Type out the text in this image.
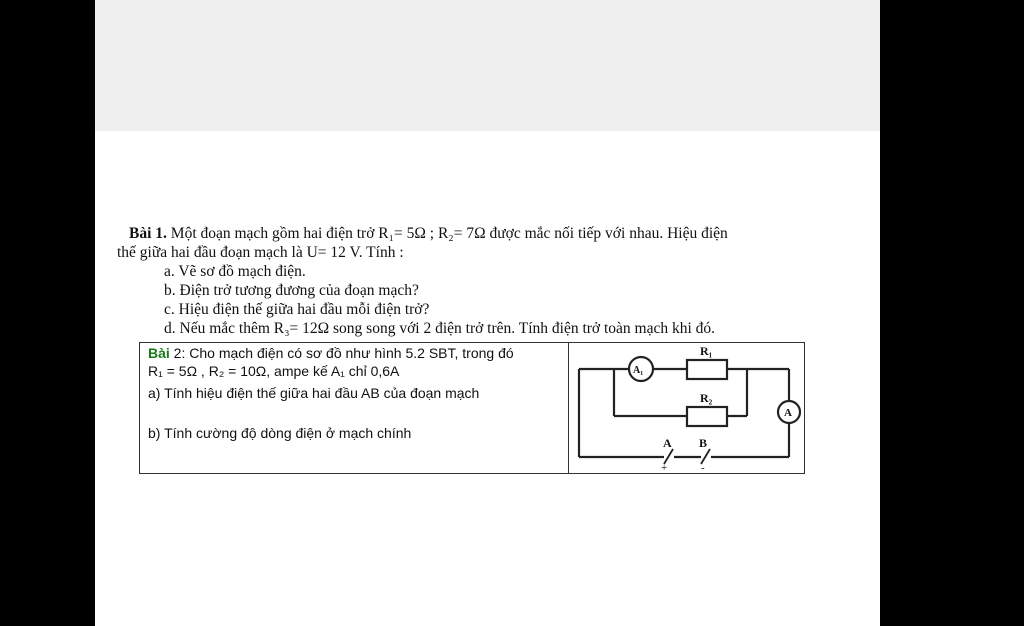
Bài 1. Một đoạn mạch gồm hai điện trở R₁= 5Ω ; R₂= 7Ω được mắc nối tiếp với nhau. Hiệu điện
thế giữa hai đầu đoạn mạch là U= 12 V. Tính :
a. Vẽ sơ đồ mạch điện.
b. Điện trở tương đương của đoạn mạch?
c. Hiệu điện thế giữa hai đầu mỗi điện trở?
d. Nếu mắc thêm R₃= 12Ω song song với 2 điện trở trên. Tính điện trở toàn mạch khi đó.
Bài 2: Cho mạch điện có sơ đồ như hình 5.2 SBT, trong đó
R₁ = 5Ω , R₂ = 10Ω, ampe kế A₁ chỉ 0,6A
a) Tính hiệu điện thế giữa hai đầu AB của đoạn mạch
b) Tính cường độ dòng điện ở mạch chính
R₁
R₂
A₁
A
A B
+	-
